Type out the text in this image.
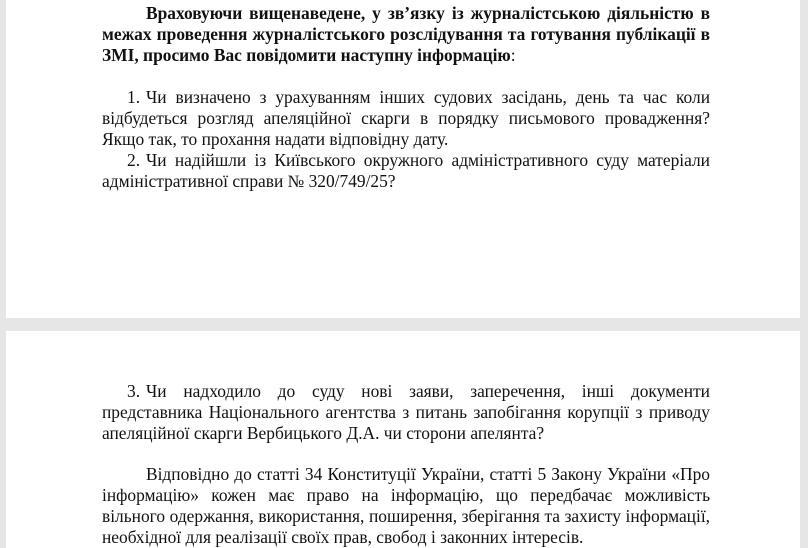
Враховуючи вищенаведене, у зв’язку із журналістською діяльністю в межах проведення журналістського розслідування та готування публікації в ЗМІ, просимо Вас повідомити наступну інформацію:

1. Чи визначено з урахуванням інших судових засідань, день та час коли відбудеться розгляд апеляційної скарги в порядку письмового провадження? Якщо так, то прохання надати відповідну дату.
2. Чи надійшли із Київського окружного адміністративного суду матеріали адміністративної справи № 320/749/25?
3. Чи надходило до суду нові заяви, заперечення, інші документи представника Національного агентства з питань запобігання корупції з приводу апеляційної скарги Вербицького Д.А. чи сторони апелянта?

Відповідно до статті 34 Конституції України, статті 5 Закону України «Про інформацію» кожен має право на інформацію, що передбачає можливість вільного одержання, використання, поширення, зберігання та захисту інформації, необхідної для реалізації своїх прав, свобод і законних інтересів.
